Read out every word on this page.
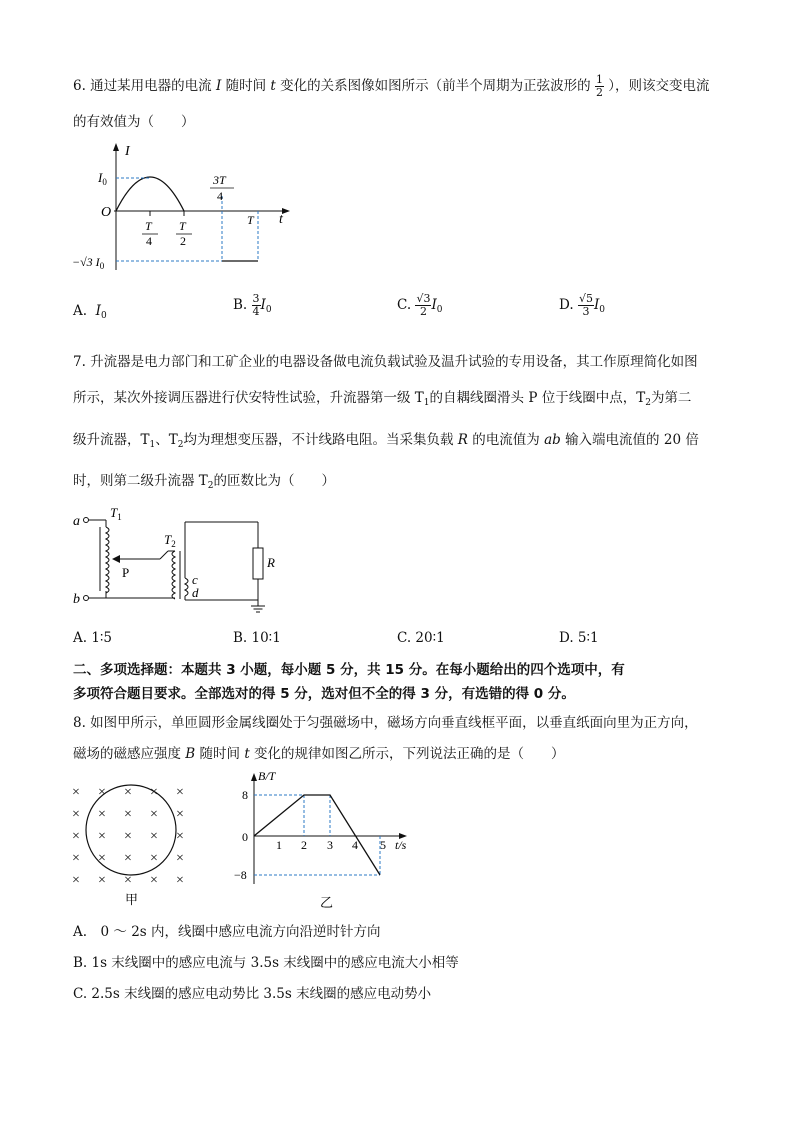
6. 通过某用电器的电流 I 随时间 t 变化的关系图像如图所示（前半个周期为正弦波形的 $\frac{1}{2}$ ），则该交变电流
的有效值为（　　）
I
t
O
$I_0$
−√3 $I_0$
T
4
T
2
3T
4
T
A. $I_0$
B. $\frac{3}{4} I_0$	C. $\frac{√3}{2} I_0$	D. $\frac{√5}{3} I_0$
7. 升流器是电力部门和工矿企业的电器设备做电流负载试验及温升试验的专用设备，其工作原理简化如图
所示，某次外接调压器进行伏安特性试验，升流器第一级 $T_1$的自耦线圈滑头 P 位于线圈中点，$T_2$为第二
级升流器，$T_1$、$T_2$均为理想变压器，不计线路电阻。当采集负载 R 的电流值为 ab 输入端电流值的 20 倍
时，则第二级升流器 $T_2$的匝数比为（　　）
a
b
$T_1$
P
$T_2$
c
d
R
A. 1∶5	B. 10∶1	C. 20∶1	D. 5∶1
二、多项选择题：本题共 3 小题，每小题 5 分，共 15 分。在每小题给出的四个选项中，有
多项符合题目要求。全部选对的得 5 分，选对但不全的得 3 分，有选错的得 0 分。
8. 如图甲所示，单匝圆形金属线圈处于匀强磁场中，磁场方向垂直线框平面，以垂直纸面向里为正方向，
磁场的磁感应强度 B 随时间 t 变化的规律如图乙所示，下列说法正确的是（　　）
× × × × ×
× × × × ×
× × × × ×
× × × × ×
× × × × ×
甲
B/T
t/s
0
8
−8
1 2 3 4 5
乙
A.　0 ～ 2s 内，线圈中感应电流方向沿逆时针方向
B. 1s 末线圈中的感应电流与 3.5s 末线圈中的感应电流大小相等
C. 2.5s 末线圈的感应电动势比 3.5s 末线圈的感应电动势小
